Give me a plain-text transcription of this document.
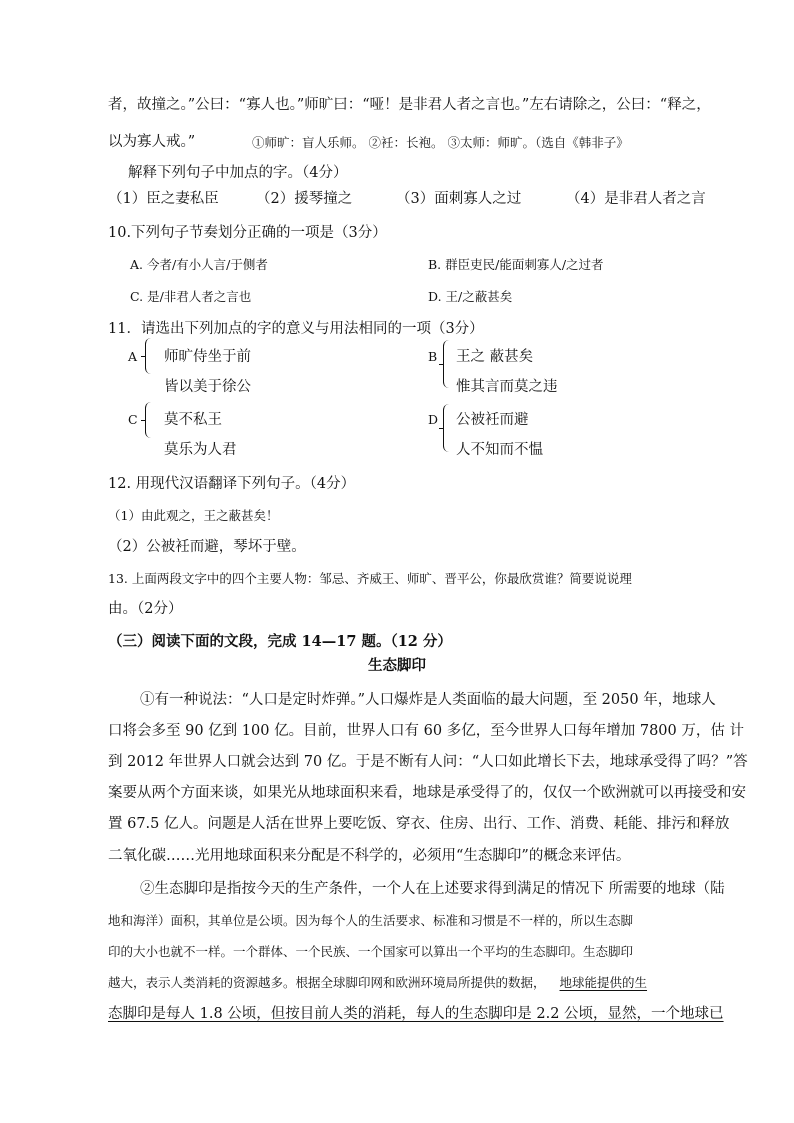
者，故撞之。”公曰：“寡人也。”师旷曰：“哑！是非君人者之言也。”左右请除之，公曰：“释之，
以为寡人戒。”	①师旷：盲人乐师。 ②衽：长袍。 ③太师：师旷。（选自《韩非子》
解释下列句子中加点的字。（4分）
（1）臣之妻私臣	（2）援琴撞之	（3）面刺寡人之过	（4）是非君人者之言
10.下列句子节奏划分正确的一项是（3分）
A. 今者/有小人言/于侧者	B. 群臣吏民/能面刺寡人/之过者
C. 是/非君人者之言也	D. 王/之蔽甚矣
11．请选出下列加点的字的意义与用法相同的一项（3分）
A 师旷侍坐于前
皆以美于徐公
B 王之 蔽甚矣
惟其言而莫之违
C 莫不私王
莫乐为人君
D 公被衽而避
人不知而不愠
12. 用现代汉语翻译下列句子。（4分）
（1）由此观之，王之蔽甚矣！
（2）公被衽而避，琴坏于壁。
13. 上面两段文字中的四个主要人物：邹忌、齐威王、师旷、晋平公，你最欣赏谁？简要说说理
由。（2分）
（三）阅读下面的文段，完成 14—17 题。（12 分）
生态脚印
①有一种说法：“人口是定时炸弹。”人口爆炸是人类面临的最大问题，至 2050 年，地球人
口将会多至 90 亿到 100 亿。目前，世界人口有 60 多亿，至今世界人口每年增加 7800 万，估 计
到 2012 年世界人口就会达到 70 亿。于是不断有人问：“人口如此增长下去，地球承受得了吗？”答
案要从两个方面来谈，如果光从地球面积来看，地球是承受得了的，仅仅一个欧洲就可以再接受和安
置 67.5 亿人。问题是人活在世界上要吃饭、穿衣、住房、出行、工作、消费、耗能、排污和释放
二氧化碳……光用地球面积来分配是不科学的，必须用“生态脚印”的概念来评估。
②生态脚印是指按今天的生产条件，一个人在上述要求得到满足的情况下 所需要的地球（陆
地和海洋）面积，其单位是公顷。因为每个人的生活要求、标准和习惯是不一样的，所以生态脚
印的大小也就不一样。一个群体、一个民族、一个国家可以算出一个平均的生态脚印。生态脚印
越大，表示人类消耗的资源越多。根据全球脚印网和欧洲环境局所提供的数据， 地球能提供的生
态脚印是每人 1.8 公顷，但按目前人类的消耗，每人的生态脚印是 2.2 公顷，显然，一个地球已
